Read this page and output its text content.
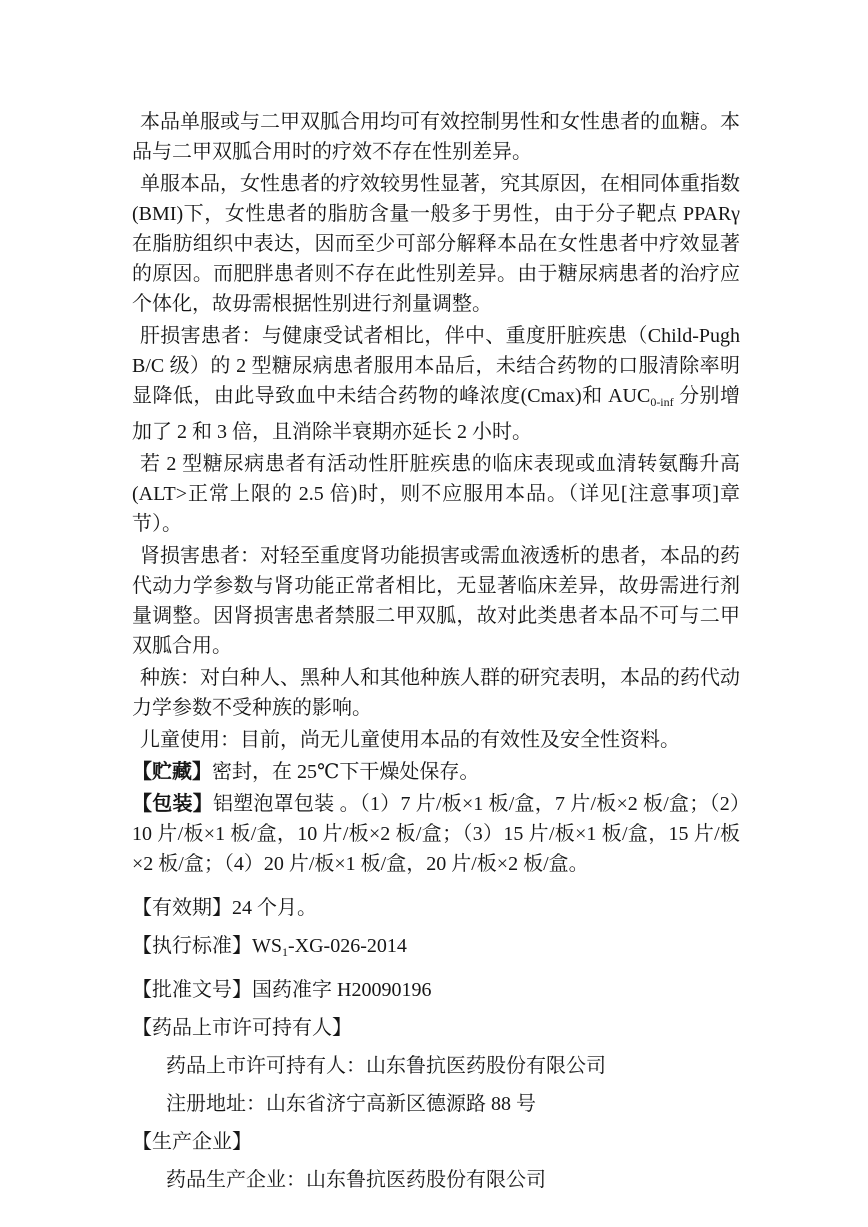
本品单服或与二甲双胍合用均可有效控制男性和女性患者的血糖。本品与二甲双胍合用时的疗效不存在性别差异。

单服本品，女性患者的疗效较男性显著，究其原因，在相同体重指数(BMI)下，女性患者的脂肪含量一般多于男性，由于分子靶点 PPARγ 在脂肪组织中表达，因而至少可部分解释本品在女性患者中疗效显著的原因。而肥胖患者则不存在此性别差异。由于糖尿病患者的治疗应个体化，故毋需根据性别进行剂量调整。

肝损害患者：与健康受试者相比，伴中、重度肝脏疾患（Child-Pugh B/C 级）的 2 型糖尿病患者服用本品后，未结合药物的口服清除率明显降低，由此导致血中未结合药物的峰浓度(Cmax)和 $AUC_{0-inf}$ 分别增加了 2 和 3 倍，且消除半衰期亦延长 2 小时。

若 2 型糖尿病患者有活动性肝脏疾患的临床表现或血清转氨酶升高(ALT>正常上限的 2.5 倍)时，则不应服用本品。（详见[注意事项]章节）。

肾损害患者：对轻至重度肾功能损害或需血液透析的患者，本品的药代动力学参数与肾功能正常者相比，无显著临床差异，故毋需进行剂量调整。因肾损害患者禁服二甲双胍，故对此类患者本品不可与二甲双胍合用。

种族：对白种人、黑种人和其他种族人群的研究表明，本品的药代动力学参数不受种族的影响。

儿童使用：目前，尚无儿童使用本品的有效性及安全性资料。

【贮藏】密封，在 25℃下干燥处保存。

【包装】铝塑泡罩包装 。（1）7 片/板×1 板/盒，7 片/板×2 板/盒；（2）10 片/板×1 板/盒，10 片/板×2 板/盒；（3）15 片/板×1 板/盒，15 片/板×2 板/盒；（4）20 片/板×1 板/盒，20 片/板×2 板/盒。

【有效期】24 个月。

【执行标准】$WS_1-XG-026-2014$

【批准文号】国药准字 H20090196

【药品上市许可持有人】

药品上市许可持有人：山东鲁抗医药股份有限公司

注册地址：山东省济宁高新区德源路 88 号

【生产企业】

药品生产企业：山东鲁抗医药股份有限公司
